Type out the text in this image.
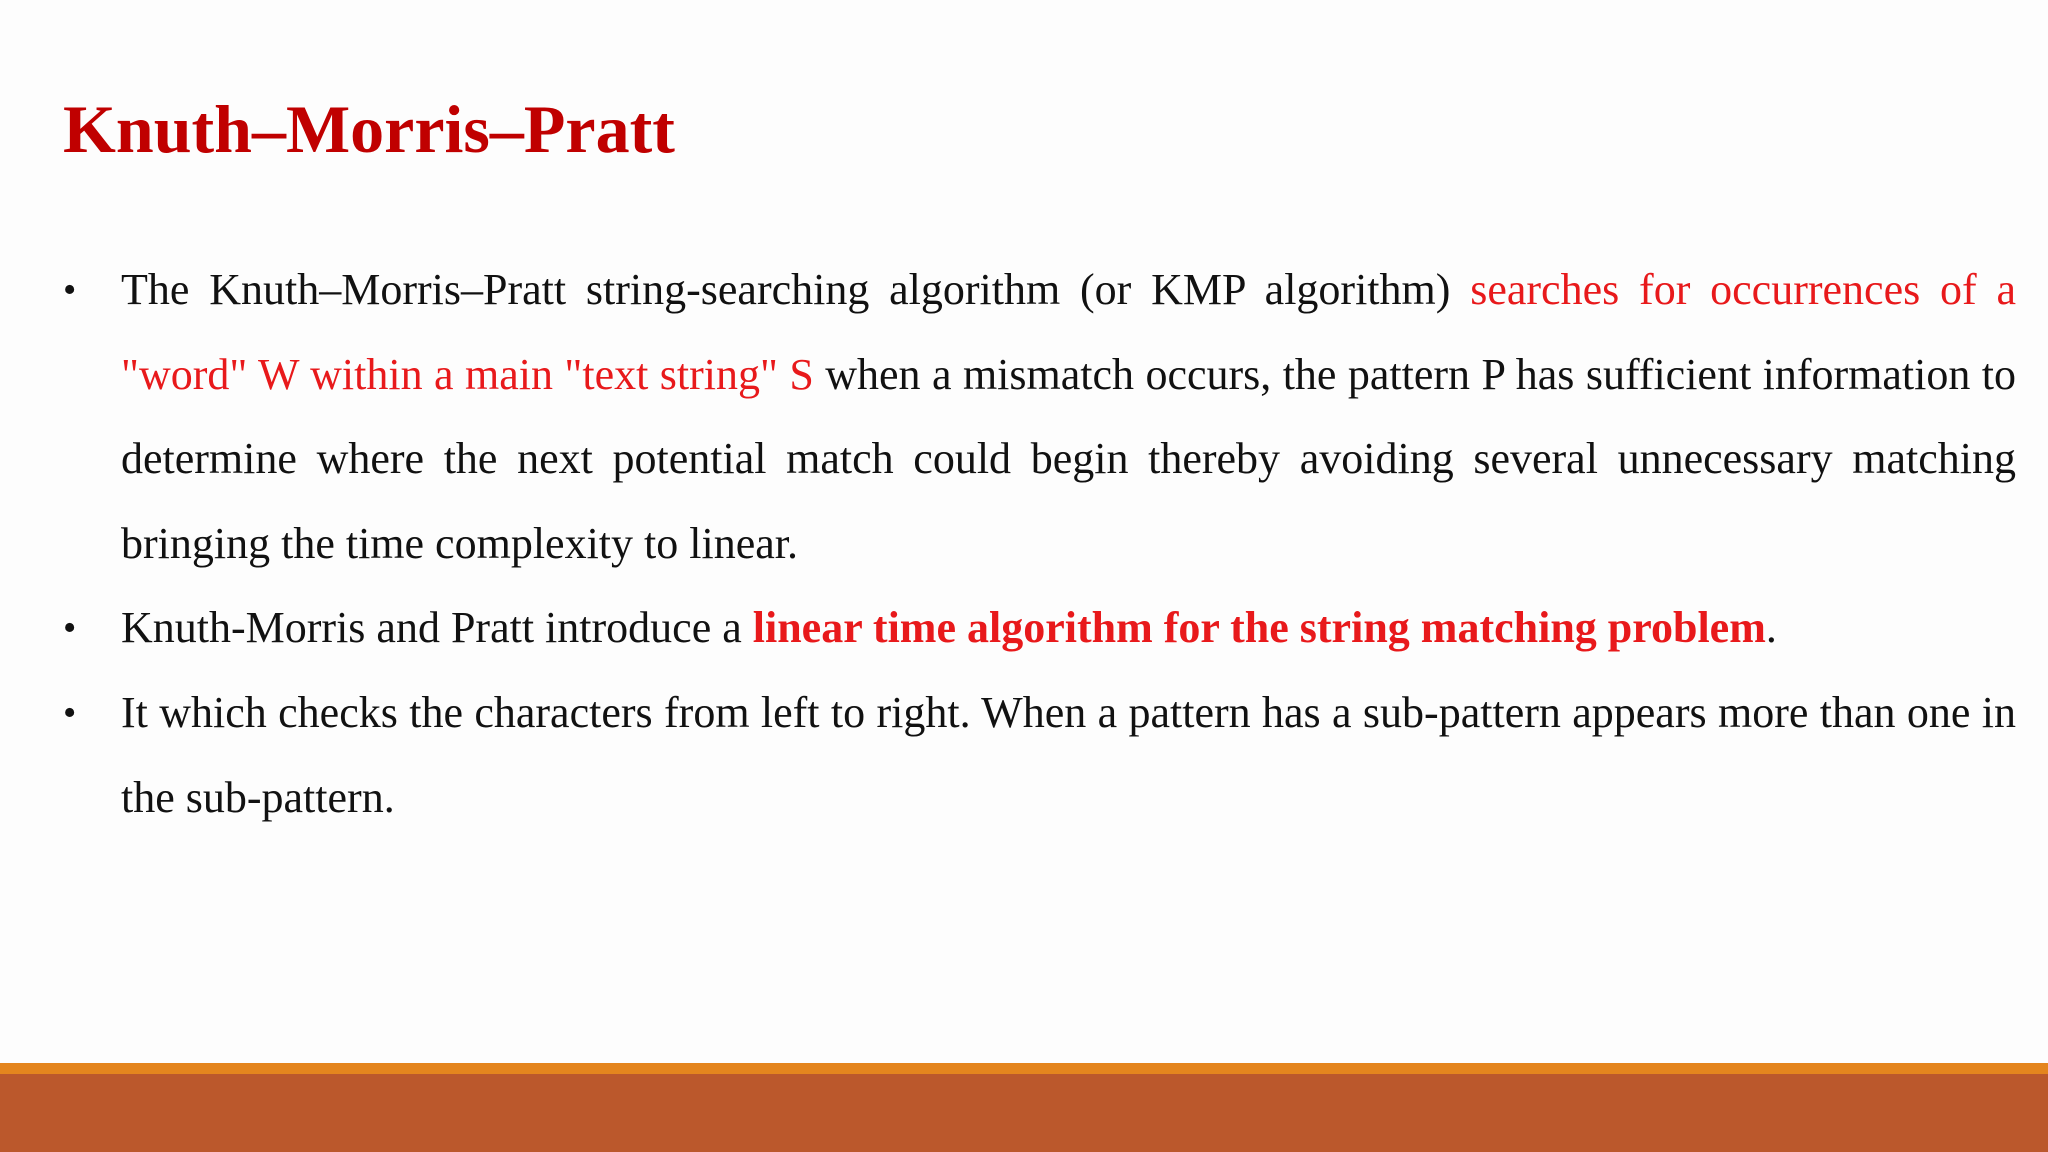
Knuth–Morris–Pratt
• The Knuth–Morris–Pratt string-searching algorithm (or KMP algorithm) searches for occurrences of a "word" W within a main "text string" S when a mismatch occurs, the pattern P has sufficient information to determine where the next potential match could begin thereby avoiding several unnecessary matching bringing the time complexity to linear.
• Knuth-Morris and Pratt introduce a linear time algorithm for the string matching problem.
• It which checks the characters from left to right. When a pattern has a sub-pattern appears more than one in the sub-pattern.
